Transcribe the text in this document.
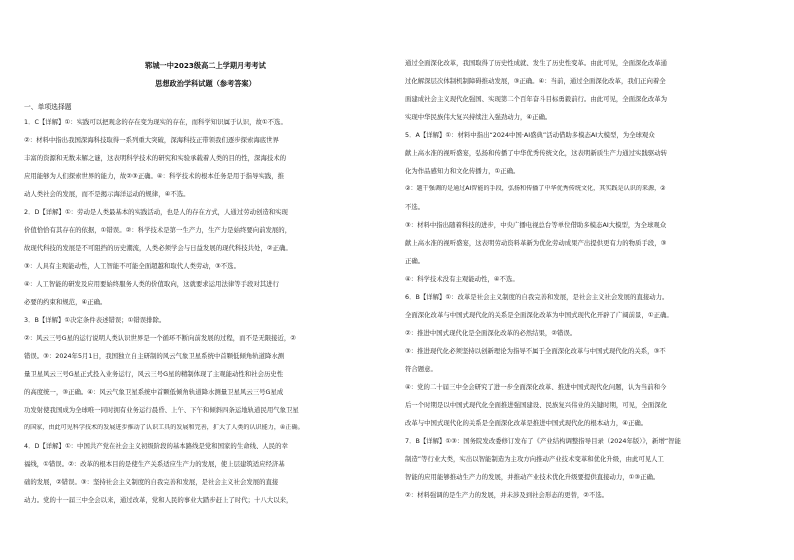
郓城一中2023级高二上学期月考考试
思想政治学科试题（参考答案）
一、单项选择题
1．C【详解】①：实践可以把观念的存在变为现实的存在，而科学知识属于认识，故①不选。
②：材料中指出我国深海科技取得一系列重大突破，深海科技正带领我们逐步探索海底世界
丰富的资源和无数未解之谜，这表明科学技术的研究和实验承载着人类的目的性，深海技术的
应用能够为人们探索世界的能力，故②③正确。④：科学技术的根本任务是用于指导实践，推
动人类社会的发展，而不是揭示海洋运动的规律，④不选。
2．D【详解】①：劳动是人类最基本的实践活动，也是人的存在方式，人通过劳动创造和实现
价值恰恰有其存在的依据，①错误。②：科学技术是第一生产力，生产力是始终要向前发展的，
故现代科技的发展是不可阻挡的历史潮流，人类必须学会与日益发展的现代科技共处，②正确。
③：人具有主观能动性，人工智能不可能全面超越和取代人类劳动，③不选。
④：人工智能的研发及应用要始终服务人类的价值取向，这就要求运用法律等手段对其进行
必要的约束和规范，④正确。
3．B【详解】①决定条件表述错误；①错误排除。
②：风云三号G星的运行说明人类认识世界是一个循环不断向前发展的过程，而不是无限接近，②
错误。③：2024年5月1日，我国独立自主研制的风云气象卫星系统中首颗低倾角轨道降水测
量卫星风云三号G星正式投入业务运行，风云三号G星的精制体现了主观能动性和社会历史性
的高度统一，③正确。④：风云气象卫星系统中首颗低倾角轨道降水测量卫星风云三号G星成
功发射使我国成为全球唯一同时拥有业务运行晨昏、上午、下午和倾斜四条运地轨道民用气象卫星
的国家，由此可见科学技术的发展进步推动了认识工具的发展和完善，扩大了人类的认识能力，④正确。
4．D【详解】①：中国共产党在社会主义初级阶段的基本路线是党和国家的生命线、人民的幸
福线，①错误。②：改革的根本目的是使生产关系适应生产力的发展，使上层建筑适应经济基
础的发展，②错误。③：坚持社会主义制度的自我完善和发展，是社会主义社会发展的直接
动力。党的十一届三中全会以来，通过改革，党和人民的事业大踏步赶上了时代；十八大以来，
通过全面深化改革，我国取得了历史性成就、发生了历史性变革。由此可见，全面深化改革通
过化解深层次体制机制障碍推动发展，③正确。④：当前，通过全面深化改革，我们正向着全
面建成社会主义现代化强国、实现第二个百年奋斗目标勇毅前行。由此可见，全面深化改革为
实现中华民族伟大复兴持续注入强劲动力，④正确。
5．A【详解】①：材料中指出“2024中国·AI盛典”活动借助多模态AI大模型，为全球观众
献上高水准的视听盛宴，弘扬和传播了中华优秀传统文化，这表明新质生产力通过实践驱动转
化为作品感知力和文化传播力，①正确。
②：题干强调的是通过AI智能的手段，弘扬和传播了中华优秀传统文化，其实践是认识的来源，②
不选。
③：材料中指出随着科技的进步，中央广播电视总台等单位借助多模态AI大模型，为全球观众
献上高水准的视听盛宴，这表明劳动资料革新为优化劳动成果产出提供更有力的物质手段，③
正确。
④：科学技术没有主观能动性，④不选。
6．B【详解】①：改革是社会主义制度的自我完善和发展，是社会主义社会发展的直接动力。
全面深化改革与中国式现代化的关系是全面深化改革为中国式现代化开辟了广阔前景，①正确。
②：推进中国式现代化是全面深化改革的必然结果，②错误。
③：推进现代化必须坚持以创新理论为指导不属于全面深化改革与中国式现代化的关系，③不
符合题意。
④：党的二十届三中全会研究了进一步全面深化改革、推进中国式现代化问题，认为当前和今
后一个时期是以中国式现代化全面推进强国建设、民族复兴伟业的关键时期，可见，全面深化
改革与中国式现代化的关系是全面深化改革是推进中国式现代化的根本动力，④正确。
7．B【详解】①③：国务院发改委修订发布了《产业结构调整指导目录（2024年版）》，新增“智能
制造”等行业大类，实出以智能制造为主攻方向推动产业技术变革和优化升级，由此可见人工
智能的应用能够推动生产力的发展，并推动产业技术优化升级要提供直接动力，①③正确。
②：材料强调的是生产力的发展，并未涉及到社会形态的更替，②不选。
